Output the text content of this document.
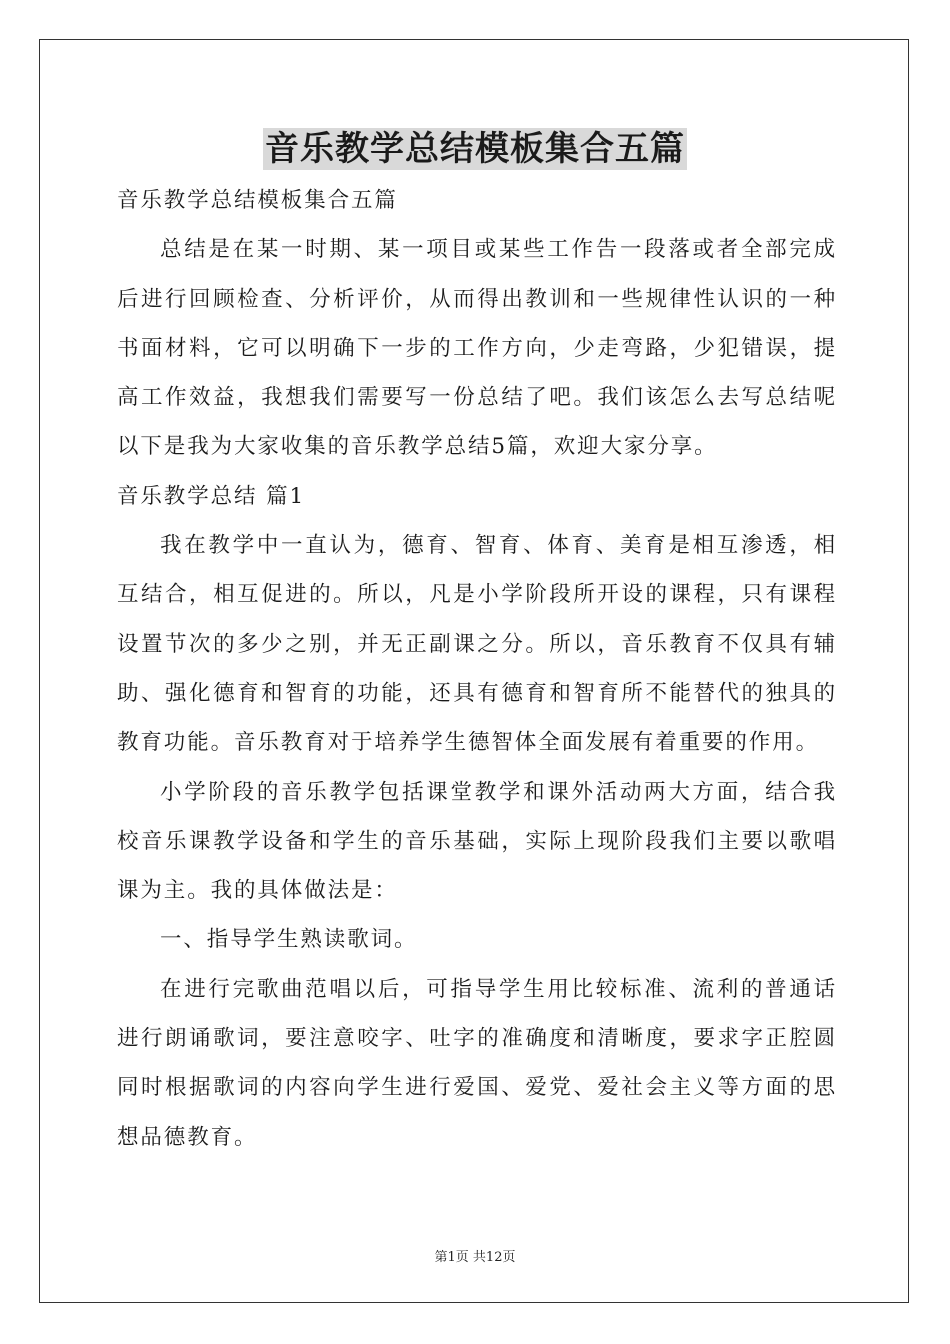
音乐教学总结模板集合五篇

音乐教学总结模板集合五篇

总结是在某一时期、某一项目或某些工作告一段落或者全部完成后进行回顾检查、分析评价，从而得出教训和一些规律性认识的一种书面材料，它可以明确下一步的工作方向，少走弯路，少犯错误，提高工作效益，我想我们需要写一份总结了吧。我们该怎么去写总结呢以下是我为大家收集的音乐教学总结5篇，欢迎大家分享。

音乐教学总结 篇1

我在教学中一直认为，德育、智育、体育、美育是相互渗透，相互结合，相互促进的。所以，凡是小学阶段所开设的课程，只有课程设置节次的多少之别，并无正副课之分。所以，音乐教育不仅具有辅助、强化德育和智育的功能，还具有德育和智育所不能替代的独具的教育功能。音乐教育对于培养学生德智体全面发展有着重要的作用。

小学阶段的音乐教学包括课堂教学和课外活动两大方面，结合我校音乐课教学设备和学生的音乐基础，实际上现阶段我们主要以歌唱课为主。我的具体做法是：

一、指导学生熟读歌词。

在进行完歌曲范唱以后，可指导学生用比较标准、流利的普通话进行朗诵歌词，要注意咬字、吐字的准确度和清晰度，要求字正腔圆同时根据歌词的内容向学生进行爱国、爱党、爱社会主义等方面的思想品德教育。

第1页 共12页
